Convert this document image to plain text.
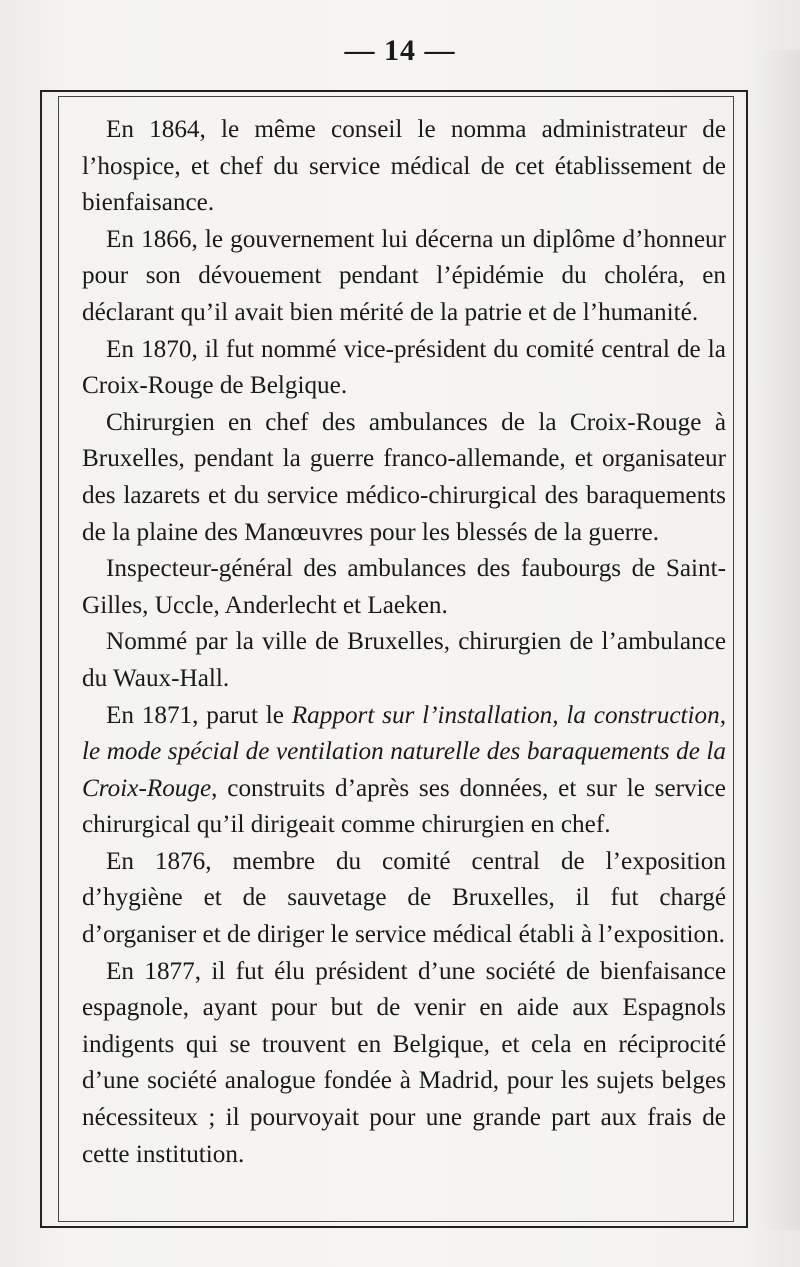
— 14 —

En 1864, le même conseil le nomma administrateur de l’hospice, et chef du service médical de cet établissement de bienfaisance.

En 1866, le gouvernement lui décerna un diplôme d’honneur pour son dévouement pendant l’épidémie du choléra, en déclarant qu’il avait bien mérité de la patrie et de l’humanité.

En 1870, il fut nommé vice-président du comité central de la Croix-Rouge de Belgique.

Chirurgien en chef des ambulances de la Croix-Rouge à Bruxelles, pendant la guerre franco-allemande, et organisateur des lazarets et du service médico-chirurgical des baraquements de la plaine des Manœuvres pour les blessés de la guerre.

Inspecteur-général des ambulances des faubourgs de Saint-Gilles, Uccle, Anderlecht et Laeken.

Nommé par la ville de Bruxelles, chirurgien de l’ambulance du Waux-Hall.

En 1871, parut le Rapport sur l’installation, la construction, le mode spécial de ventilation naturelle des baraquements de la Croix-Rouge, construits d’après ses données, et sur le service chirurgical qu’il dirigeait comme chirurgien en chef.

En 1876, membre du comité central de l’exposition d’hygiène et de sauvetage de Bruxelles, il fut chargé d’organiser et de diriger le service médical établi à l’exposition.

En 1877, il fut élu président d’une société de bienfaisance espagnole, ayant pour but de venir en aide aux Espagnols indigents qui se trouvent en Belgique, et cela en réciprocité d’une société analogue fondée à Madrid, pour les sujets belges nécessiteux ; il pourvoyait pour une grande part aux frais de cette institution.
